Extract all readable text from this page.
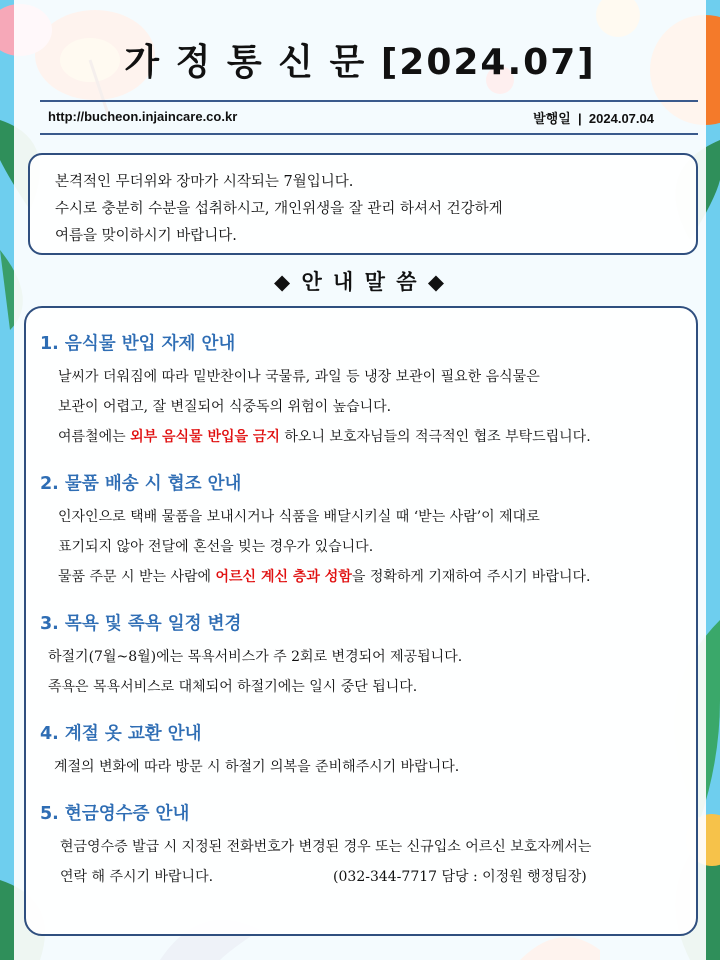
가 정 통 신 문 [2024.07]
http://bucheon.injaincare.co.kr	발행일 | 2024.07.04

본격적인 무더위와 장마가 시작되는 7월입니다.

수시로 충분히 수분을 섭취하시고, 개인위생을 잘 관리 하셔서 건강하게

여름을 맞이하시기 바랍니다.

◆ 안 내 말 씀 ◆
1. 음식물 반입 자제 안내
날씨가 더워짐에 따라 밑반찬이나 국물류, 과일 등 냉장 보관이 필요한 음식물은
보관이 어렵고, 잘 변질되어 식중독의 위험이 높습니다.
여름철에는 외부 음식물 반입을 금지 하오니 보호자님들의 적극적인 협조 부탁드립니다.
2. 물품 배송 시 협조 안내
인자인으로 택배 물품을 보내시거나 식품을 배달시키실 때 ‘받는 사람’이 제대로
표기되지 않아 전달에 혼선을 빚는 경우가 있습니다.
물품 주문 시 받는 사람에 어르신 계신 층과 성함을 정확하게 기재하여 주시기 바랍니다.
3. 목욕 및 족욕 일정 변경
하절기(7월~8월)에는 목욕서비스가 주 2회로 변경되어 제공됩니다.
족욕은 목욕서비스로 대체되어 하절기에는 일시 중단 됩니다.
4. 계절 옷 교환 안내
계절의 변화에 따라 방문 시 하절기 의복을 준비해주시기 바랍니다.
5. 현금영수증 안내
현금영수증 발급 시 지정된 전화번호가 변경된 경우 또는 신규입소 어르신 보호자께서는
연락 해 주시기 바랍니다.	(032-344-7717 담당 : 이정원 행정팀장)
